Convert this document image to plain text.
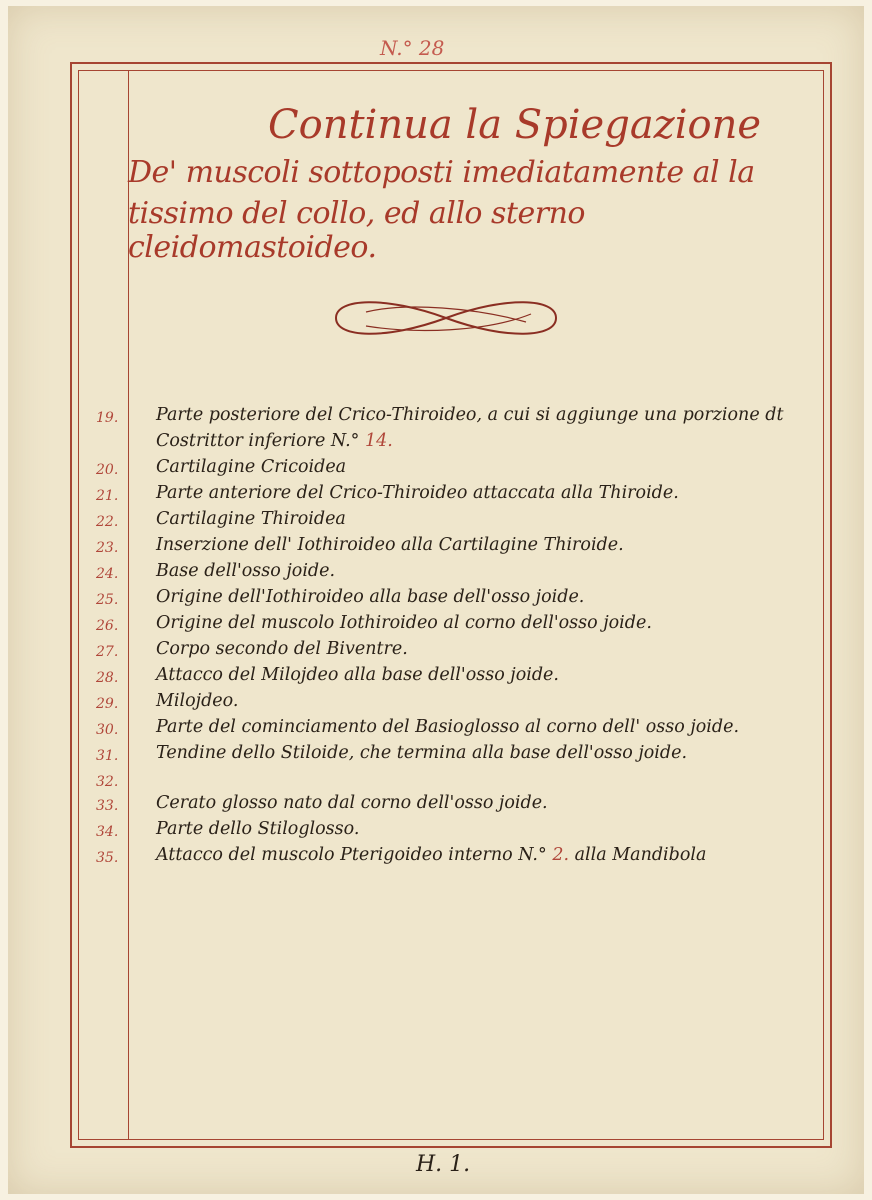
N.° 28
Continua la Spiegazione
De' muscoli sottoposti imediatamente al la
tissimo del collo, ed allo sterno cleidomastoideo.
19.	Parte posteriore del Crico-Thiroideo, a cui si aggiunge una porzione dt Costrittor inferiore N.° 14.
20.	Cartilagine Cricoidea
21.	Parte anteriore del Crico-Thiroideo attaccata alla Thiroide.
22.	Cartilagine Thiroidea
23.	Inserzione dell' Iothiroideo alla Cartilagine Thiroide.
24.	Base dell'osso joide.
25.	Origine dell'Iothiroideo alla base dell'osso joide.
26.	Origine del muscolo Iothiroideo al corno dell'osso joide.
27.	Corpo secondo del Biventre.
28.	Attacco del Milojdeo alla base dell'osso joide.
29.	Milojdeo.
30.	Parte del cominciamento del Basioglosso al corno dell' osso joide.
31.	Tendine dello Stiloide, che termina alla base dell'osso joide.
32.
33.	Cerato glosso nato dal corno dell'osso joide.
34.	Parte dello Stiloglosso.
35.	Attacco del muscolo Pterigoideo interno N.° 2. alla Mandibola
H. 1.
